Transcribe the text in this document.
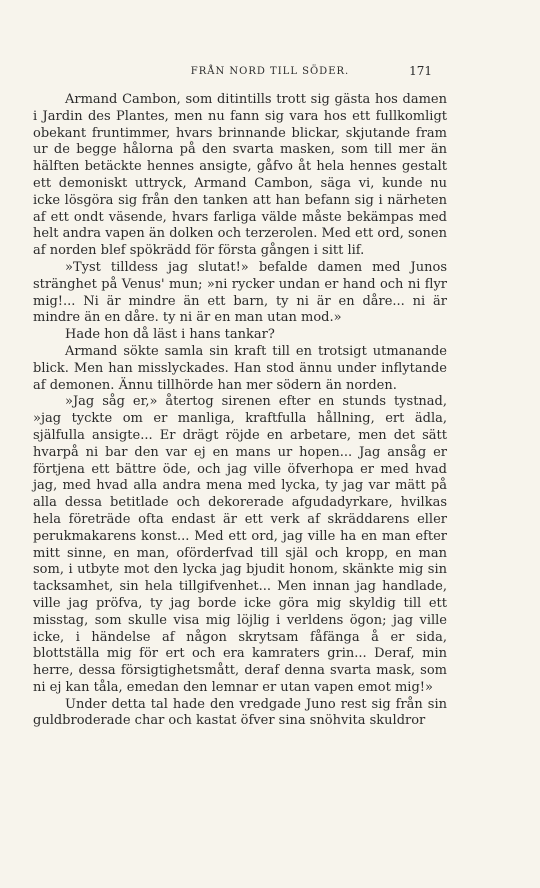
FRÅN NORD TILL SÖDER.	171

Armand Cambon, som ditintills trott sig gästa hos damen i Jardin des Plantes, men nu fann sig vara hos ett fullkomligt obekant fruntimmer, hvars brinnande blickar, skjutande fram ur de begge hålorna på den svarta masken, som till mer än hälften betäckte hennes ansigte, gåfvo åt hela hennes gestalt ett demoniskt uttryck, Armand Cambon, säga vi, kunde nu icke lösgöra sig från den tanken att han befann sig i närheten af ett ondt väsende, hvars farliga välde måste bekämpas med helt andra vapen än dolken och terzerolen. Med ett ord, sonen af norden blef spökrädd för första gången i sitt lif.

»Tyst tilldess jag slutat!» befalde damen med Junos stränghet på Venus' mun; »ni rycker undan er hand och ni flyr mig!... Ni är mindre än ett barn, ty ni är en dåre... ni är mindre än en dåre. ty ni är en man utan mod.»

Hade hon då läst i hans tankar?

Armand sökte samla sin kraft till en trotsigt utmanande blick. Men han misslyckades. Han stod ännu under inflytande af demonen. Ännu tillhörde han mer södern än norden.

»Jag såg er,» återtog sirenen efter en stunds tystnad, »jag tyckte om er manliga, kraftfulla hållning, ert ädla, själfulla ansigte... Er drägt röjde en arbetare, men det sätt hvarpå ni bar den var ej en mans ur hopen... Jag ansåg er förtjena ett bättre öde, och jag ville öfverhopa er med hvad jag, med hvad alla andra mena med lycka, ty jag var mätt på alla dessa betitlade och dekorerade afgudadyrkare, hvilkas hela företräde ofta endast är ett verk af skräddarens eller perukmakarens konst... Med ett ord, jag ville ha en man efter mitt sinne, en man, oförderfvad till själ och kropp, en man som, i utbyte mot den lycka jag bjudit honom, skänkte mig sin tacksamhet, sin hela tillgifvenhet... Men innan jag handlade, ville jag pröfva, ty jag borde icke göra mig skyldig till ett misstag, som skulle visa mig löjlig i verldens ögon; jag ville icke, i händelse af någon skrytsam fåfänga å er sida, blottställa mig för ert och era kamraters grin... Deraf, min herre, dessa försigtighetsmått, deraf denna svarta mask, som ni ej kan tåla, emedan den lemnar er utan vapen emot mig!»

Under detta tal hade den vredgade Juno rest sig från sin guldbroderade char och kastat öfver sina snöhvita skuldror
